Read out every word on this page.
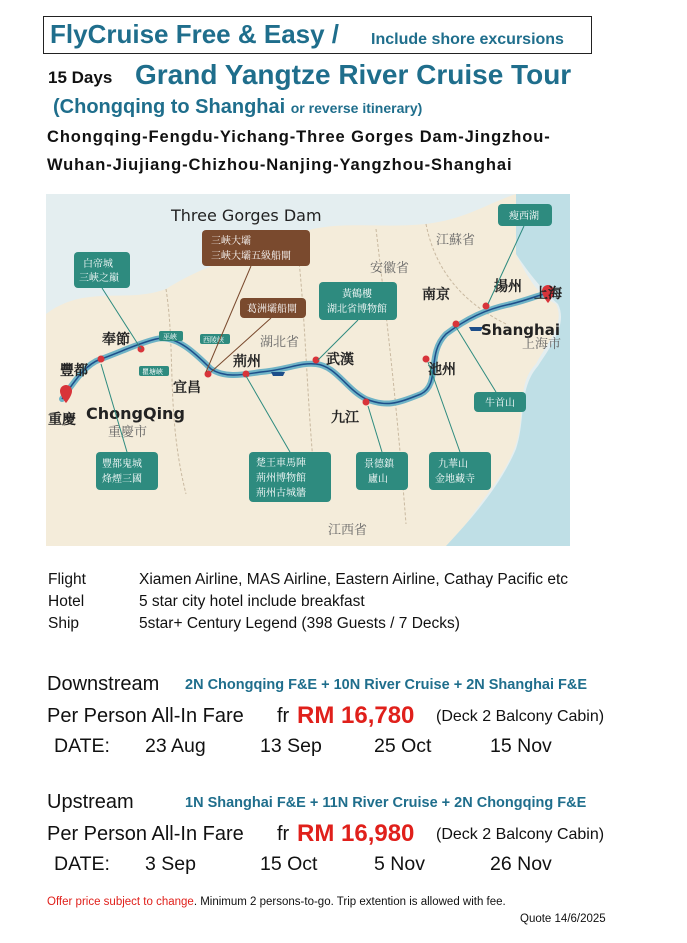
FlyCruise Free & Easy / Include shore excursions
15 Days Grand Yangtze River Cruise Tour
(Chongqing to Shanghai or reverse itinerary)
Chongqing-Fengdu-Yichang-Three Gorges Dam-Jingzhou-
Wuhan-Jiujiang-Chizhou-Nanjing-Yangzhou-Shanghai
Three Gorges Dam
ChongQing
Shanghai
重慶
豐都
奉節
宜昌
荊州	武漢
九江
池州
南京	揚州 上海
江蘇省
安徽省
湖北省
江西省
重慶市
上海市
巫峽	西陵峽
瞿塘峽
白帝城
三峽之巔
黃鶴樓
湖北省博物館
瘦西湖
牛首山
豐都鬼城
烽煙三國
楚王車馬陣
荊州博物館
荊州古城牆
景德鎮
廬山
九華山
金地藏寺
三峽大壩
三峽大壩五級船閘
葛洲壩船閘
Flight	Xiamen Airline, MAS Airline, Eastern Airline, Cathay Pacific etc
Hotel	5 star city hotel include breakfast
Ship	5star+ Century Legend (398 Guests / 7 Decks)
Downstream 2N Chongqing F&E + 10N River Cruise + 2N Shanghai F&E
Per Person All-In Fare fr RM 16,780 (Deck 2 Balcony Cabin)
DATE: 23 Aug	13 Sep	25 Oct	15 Nov
Upstream	1N Shanghai F&E + 11N River Cruise + 2N Chongqing F&E
Per Person All-In Fare fr RM 16,980 (Deck 2 Balcony Cabin)
DATE: 3 Sep	15 Oct	5 Nov	26 Nov
Offer price subject to change. Minimum 2 persons-to-go. Trip extention is allowed with fee.
Quote 14/6/2025
